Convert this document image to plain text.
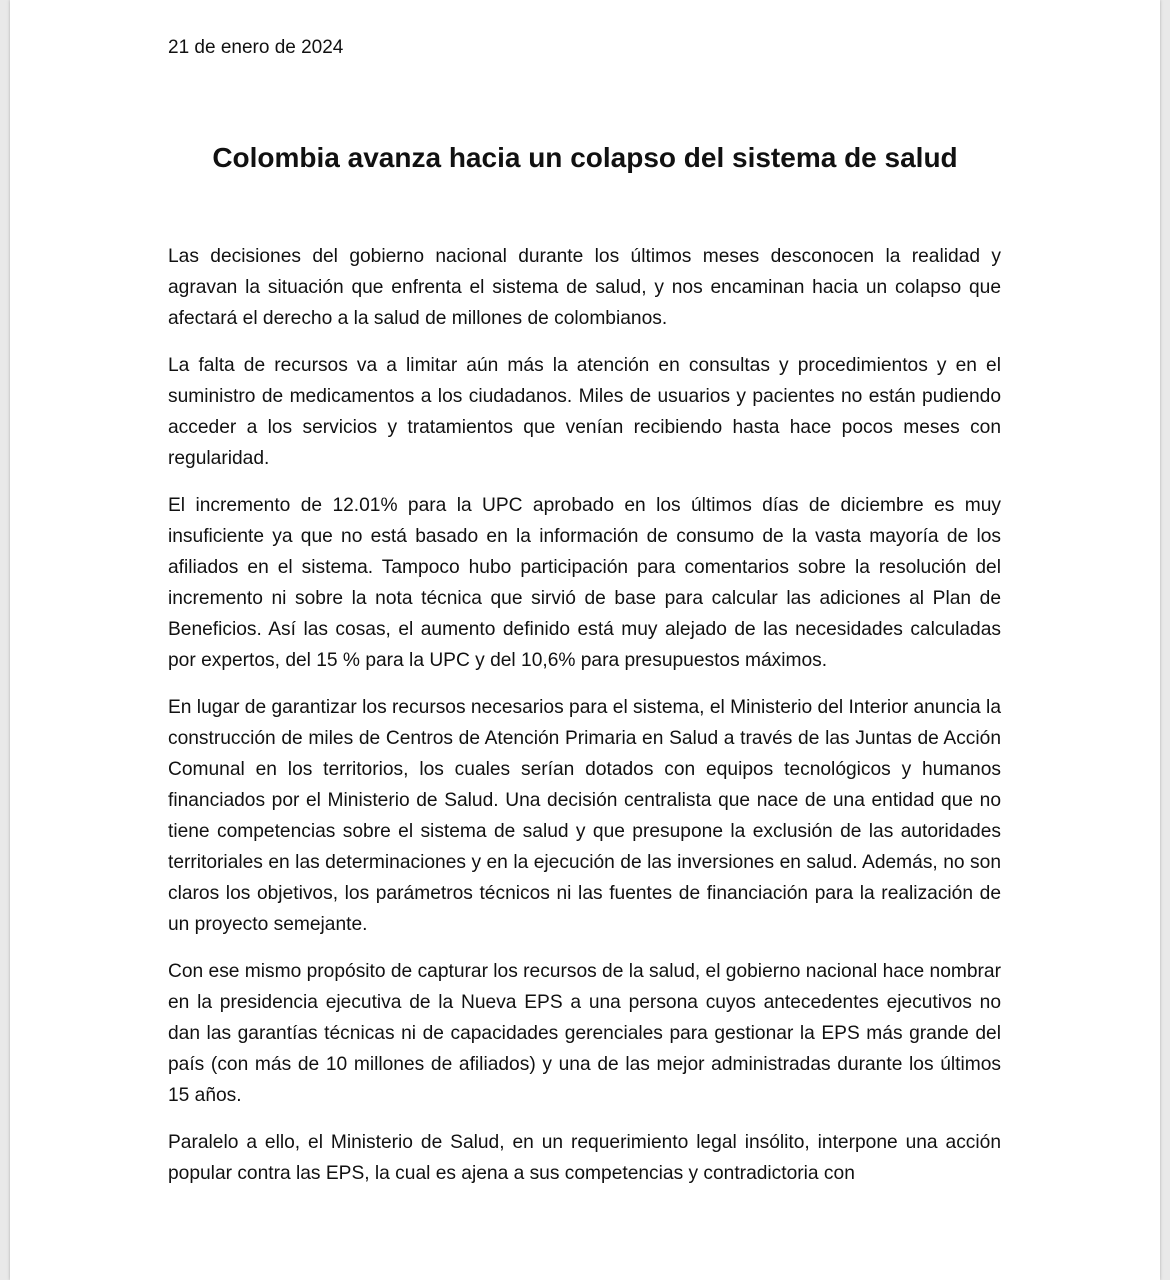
21 de enero de 2024
Colombia avanza hacia un colapso del sistema de salud

Las decisiones del gobierno nacional durante los últimos meses desconocen la realidad y agravan la situación que enfrenta el sistema de salud, y nos encaminan hacia un colapso que afectará el derecho a la salud de millones de colombianos.

La falta de recursos va a limitar aún más la atención en consultas y procedimientos y en el suministro de medicamentos a los ciudadanos. Miles de usuarios y pacientes no están pudiendo acceder a los servicios y tratamientos que venían recibiendo hasta hace pocos meses con regularidad.

El incremento de 12.01% para la UPC aprobado en los últimos días de diciembre es muy insuficiente ya que no está basado en la información de consumo de la vasta mayoría de los afiliados en el sistema. Tampoco hubo participación para comentarios sobre la resolución del incremento ni sobre la nota técnica que sirvió de base para calcular las adiciones al Plan de Beneficios. Así las cosas, el aumento definido está muy alejado de las necesidades calculadas por expertos, del 15 % para la UPC y del 10,6% para presupuestos máximos.

En lugar de garantizar los recursos necesarios para el sistema, el Ministerio del Interior anuncia la construcción de miles de Centros de Atención Primaria en Salud a través de las Juntas de Acción Comunal en los territorios, los cuales serían dotados con equipos tecnológicos y humanos financiados por el Ministerio de Salud. Una decisión centralista que nace de una entidad que no tiene competencias sobre el sistema de salud y que presupone la exclusión de las autoridades territoriales en las determinaciones y en la ejecución de las inversiones en salud. Además, no son claros los objetivos, los parámetros técnicos ni las fuentes de financiación para la realización de un proyecto semejante.

Con ese mismo propósito de capturar los recursos de la salud, el gobierno nacional hace nombrar en la presidencia ejecutiva de la Nueva EPS a una persona cuyos antecedentes ejecutivos no dan las garantías técnicas ni de capacidades gerenciales para gestionar la EPS más grande del país (con más de 10 millones de afiliados) y una de las mejor administradas durante los últimos 15 años.

Paralelo a ello, el Ministerio de Salud, en un requerimiento legal insólito, interpone una acción popular contra las EPS, la cual es ajena a sus competencias y contradictoria con
